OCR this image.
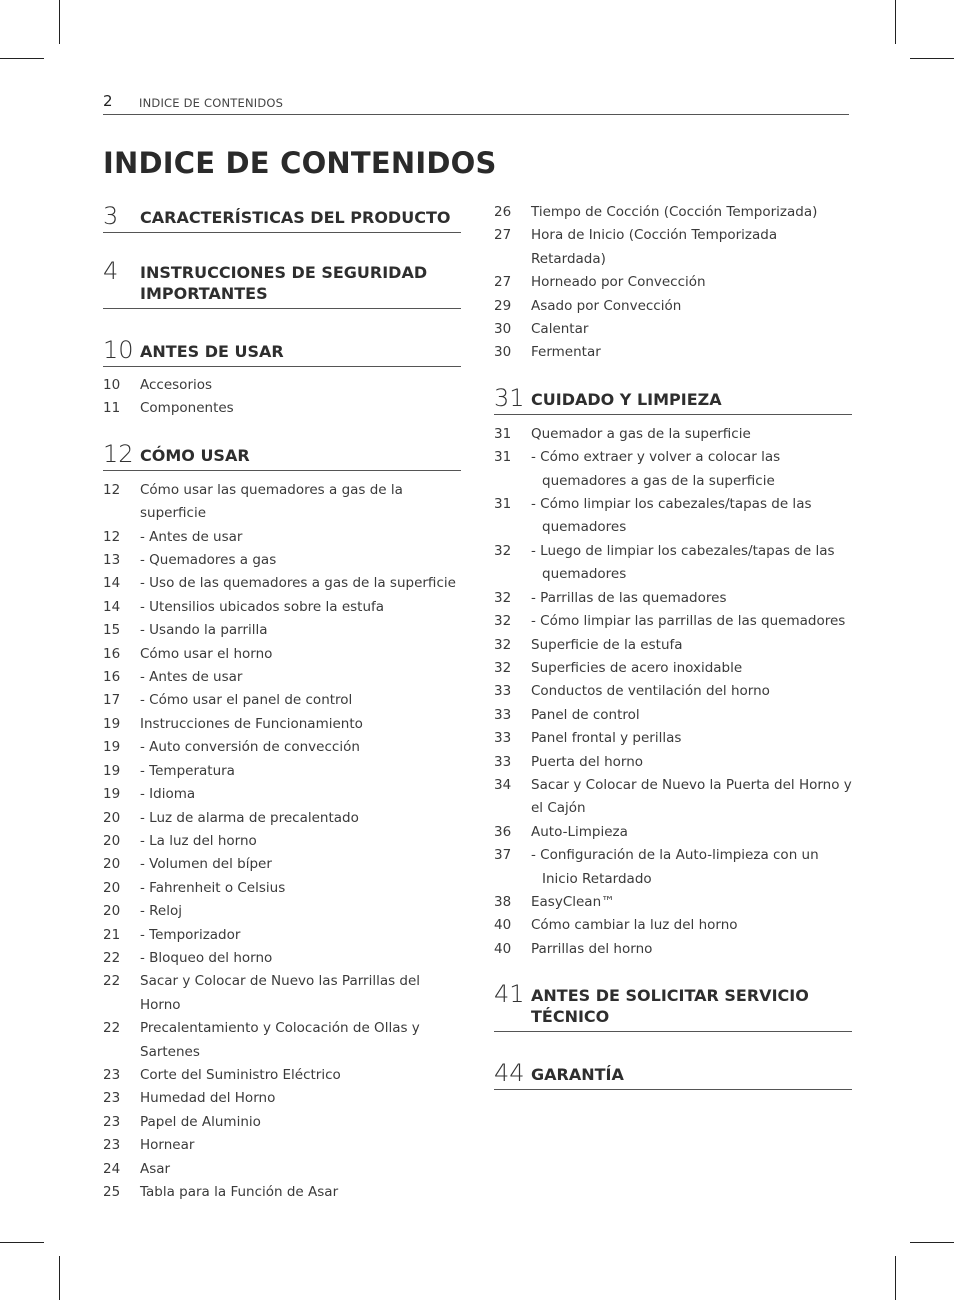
2 INDICE DE CONTENIDOS
INDICE DE CONTENIDOS
3	CARACTERÍSTICAS DEL PRODUCTO
4	INSTRUCCIONES DE SEGURIDAD
IMPORTANTES
10 ANTES DE USAR
10	Accesorios
11	Componentes
12 CÓMO USAR
12	Cómo usar las quemadores a gas de la superficie
12	- Antes de usar
13	- Quemadores a gas
14	- Uso de las quemadores a gas de la superficie
14	- Utensilios ubicados sobre la estufa
15	- Usando la parrilla
16	Cómo usar el horno
16	- Antes de usar
17	- Cómo usar el panel de control
19	Instrucciones de Funcionamiento
19	- Auto conversión de convección
19	- Temperatura
19	- Idioma
20	- Luz de alarma de precalentado
20	- La luz del horno
20	- Volumen del bíper
20	- Fahrenheit o Celsius
20	- Reloj
21	- Temporizador
22	- Bloqueo del horno
22	Sacar y Colocar de Nuevo las Parrillas del Horno
22	Precalentamiento y Colocación de Ollas y Sartenes
23	Corte del Suministro Eléctrico
23	Humedad del Horno
23	Papel de Aluminio
23	Hornear
24	Asar
25	Tabla para la Función de Asar
26	Tiempo de Cocción (Cocción Temporizada)
27	Hora de Inicio (Cocción Temporizada Retardada)
27	Horneado por Convección
29	Asado por Convección
30	Calentar
30	Fermentar
31 CUIDADO Y LIMPIEZA
31	Quemador a gas de la superficie
31	- Cómo extraer y volver a colocar las quemadores a gas de la superficie
31	- Cómo limpiar los cabezales/tapas de las quemadores
32	- Luego de limpiar los cabezales/tapas de las quemadores
32	- Parrillas de las quemadores
32	- Cómo limpiar las parrillas de las quemadores
32	Superficie de la estufa
32	Superficies de acero inoxidable
33	Conductos de ventilación del horno
33	Panel de control
33	Panel frontal y perillas
33	Puerta del horno
34	Sacar y Colocar de Nuevo la Puerta del Horno y el Cajón
36	Auto-Limpieza
37	- Configuración de la Auto-limpieza con un Inicio Retardado
38	EasyClean™
40	Cómo cambiar la luz del horno
40	Parrillas del horno
41 ANTES DE SOLICITAR SERVICIO
TÉCNICO
44 GARANTÍA
